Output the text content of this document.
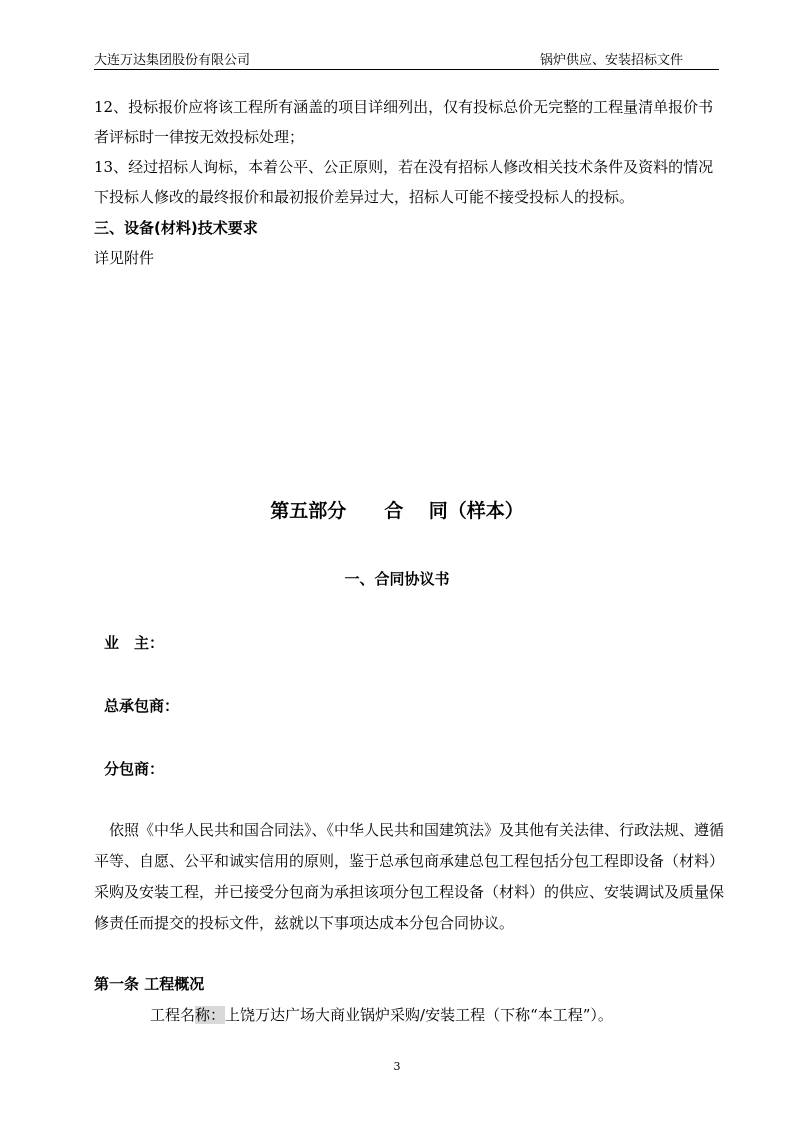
大连万达集团股份有限公司	锅炉供应、安装招标文件

12、投标报价应将该工程所有涵盖的项目详细列出，仅有投标总价无完整的工程量清单报价书者评标时一律按无效投标处理；

13、经过招标人询标，本着公平、公正原则，若在没有招标人修改相关技术条件及资料的情况下投标人修改的最终报价和最初报价差异过大，招标人可能不接受投标人的投标。

三、设备(材料)技术要求

详见附件

第五部分　　合　 同（样本）
一、合同协议书
业　主：
总承包商：
分包商：

依照《中华人民共和国合同法》、《中华人民共和国建筑法》及其他有关法律、行政法规、遵循平等、自愿、公平和诚实信用的原则，鉴于总承包商承建总包工程包括分包工程即设备（材料）采购及安装工程，并已接受分包商为承担该项分包工程设备（材料）的供应、安装调试及质量保修责任而提交的投标文件，兹就以下事项达成本分包合同协议。

第一条 工程概况

工程名称：上饶万达广场大商业锅炉采购/安装工程（下称“本工程”）。

3
